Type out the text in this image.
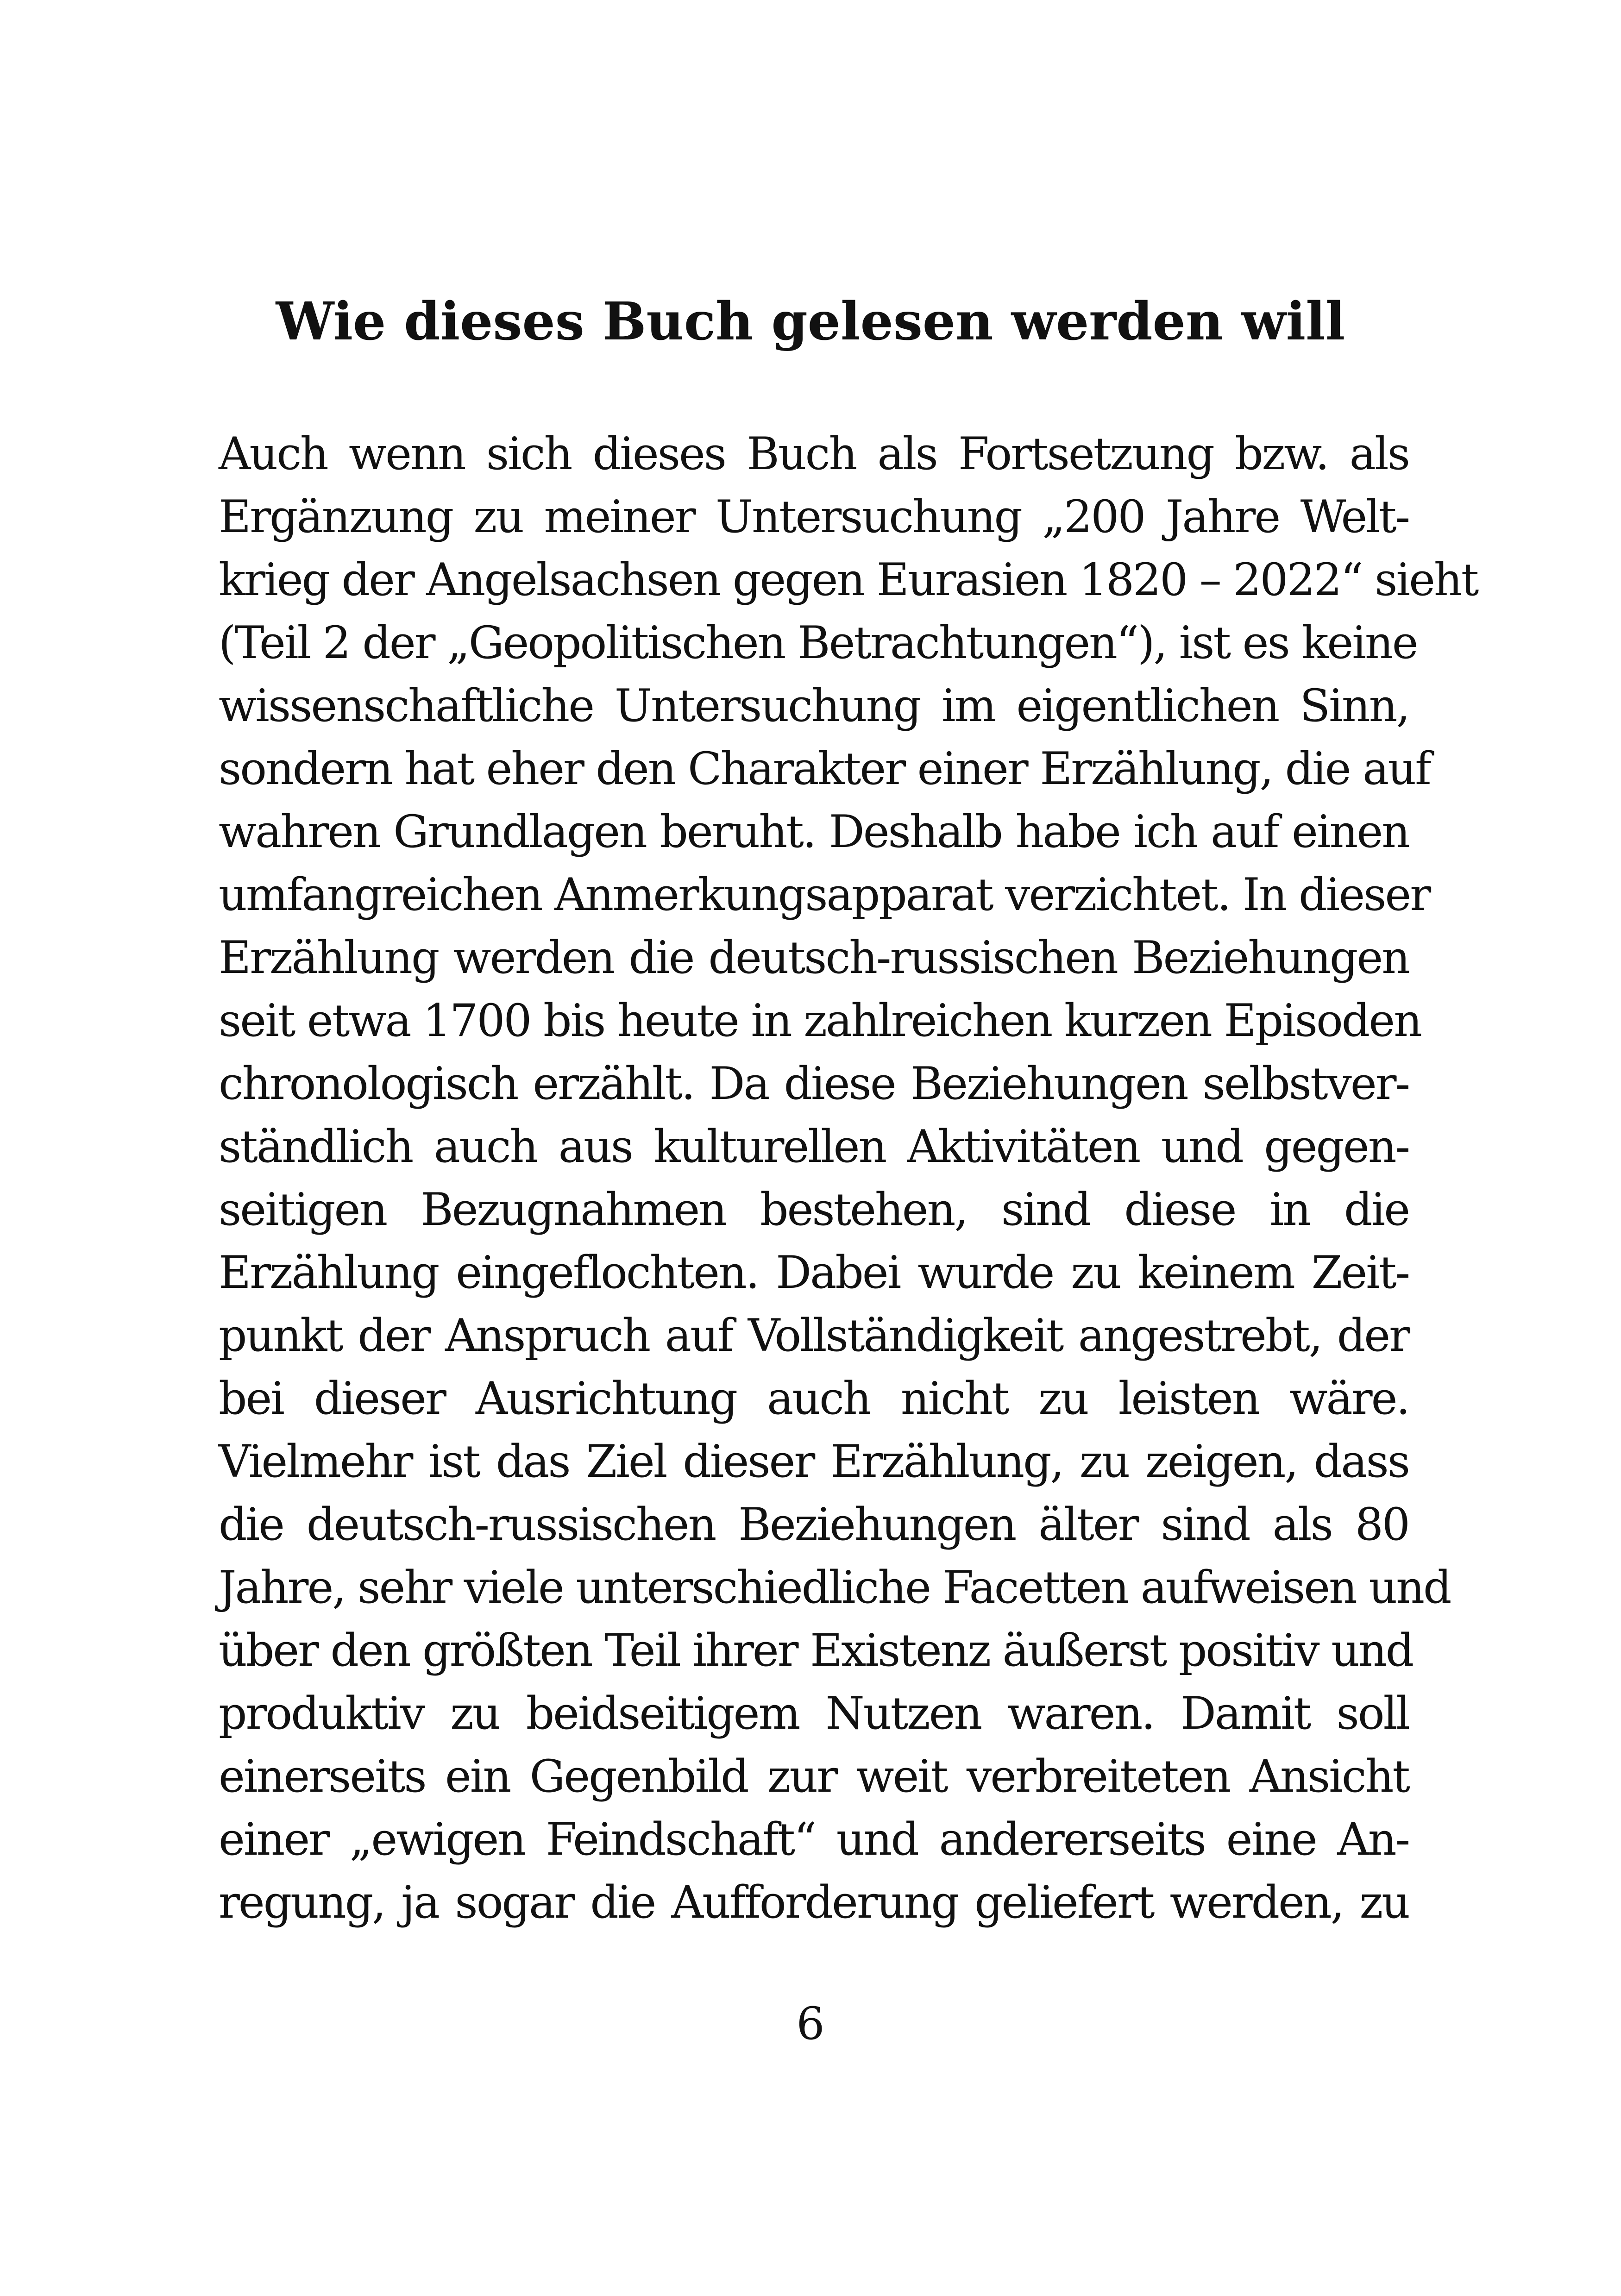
Wie dieses Buch gelesen werden will
Auch wenn sich dieses Buch als Fortsetzung bzw. als
Ergänzung zu meiner Untersuchung „200 Jahre Welt-
krieg der Angelsachsen gegen Eurasien 1820 – 2022“ sieht
(Teil 2 der „Geopolitischen Betrachtungen“), ist es keine
wissenschaftliche Untersuchung im eigentlichen Sinn,
sondern hat eher den Charakter einer Erzählung, die auf
wahren Grundlagen beruht. Deshalb habe ich auf einen
umfangreichen Anmerkungsapparat verzichtet. In dieser
Erzählung werden die deutsch-russischen Beziehungen
seit etwa 1700 bis heute in zahlreichen kurzen Episoden
chronologisch erzählt. Da diese Beziehungen selbstver-
ständlich auch aus kulturellen Aktivitäten und gegen-
seitigen Bezugnahmen bestehen, sind diese in die
Erzählung eingeflochten. Dabei wurde zu keinem Zeit-
punkt der Anspruch auf Vollständigkeit angestrebt, der
bei dieser Ausrichtung auch nicht zu leisten wäre.
Vielmehr ist das Ziel dieser Erzählung, zu zeigen, dass
die deutsch-russischen Beziehungen älter sind als 80
Jahre, sehr viele unterschiedliche Facetten aufweisen und
über den größten Teil ihrer Existenz äußerst positiv und
produktiv zu beidseitigem Nutzen waren. Damit soll
einerseits ein Gegenbild zur weit verbreiteten Ansicht
einer „ewigen Feindschaft“ und andererseits eine An-
regung, ja sogar die Aufforderung geliefert werden, zu
6
